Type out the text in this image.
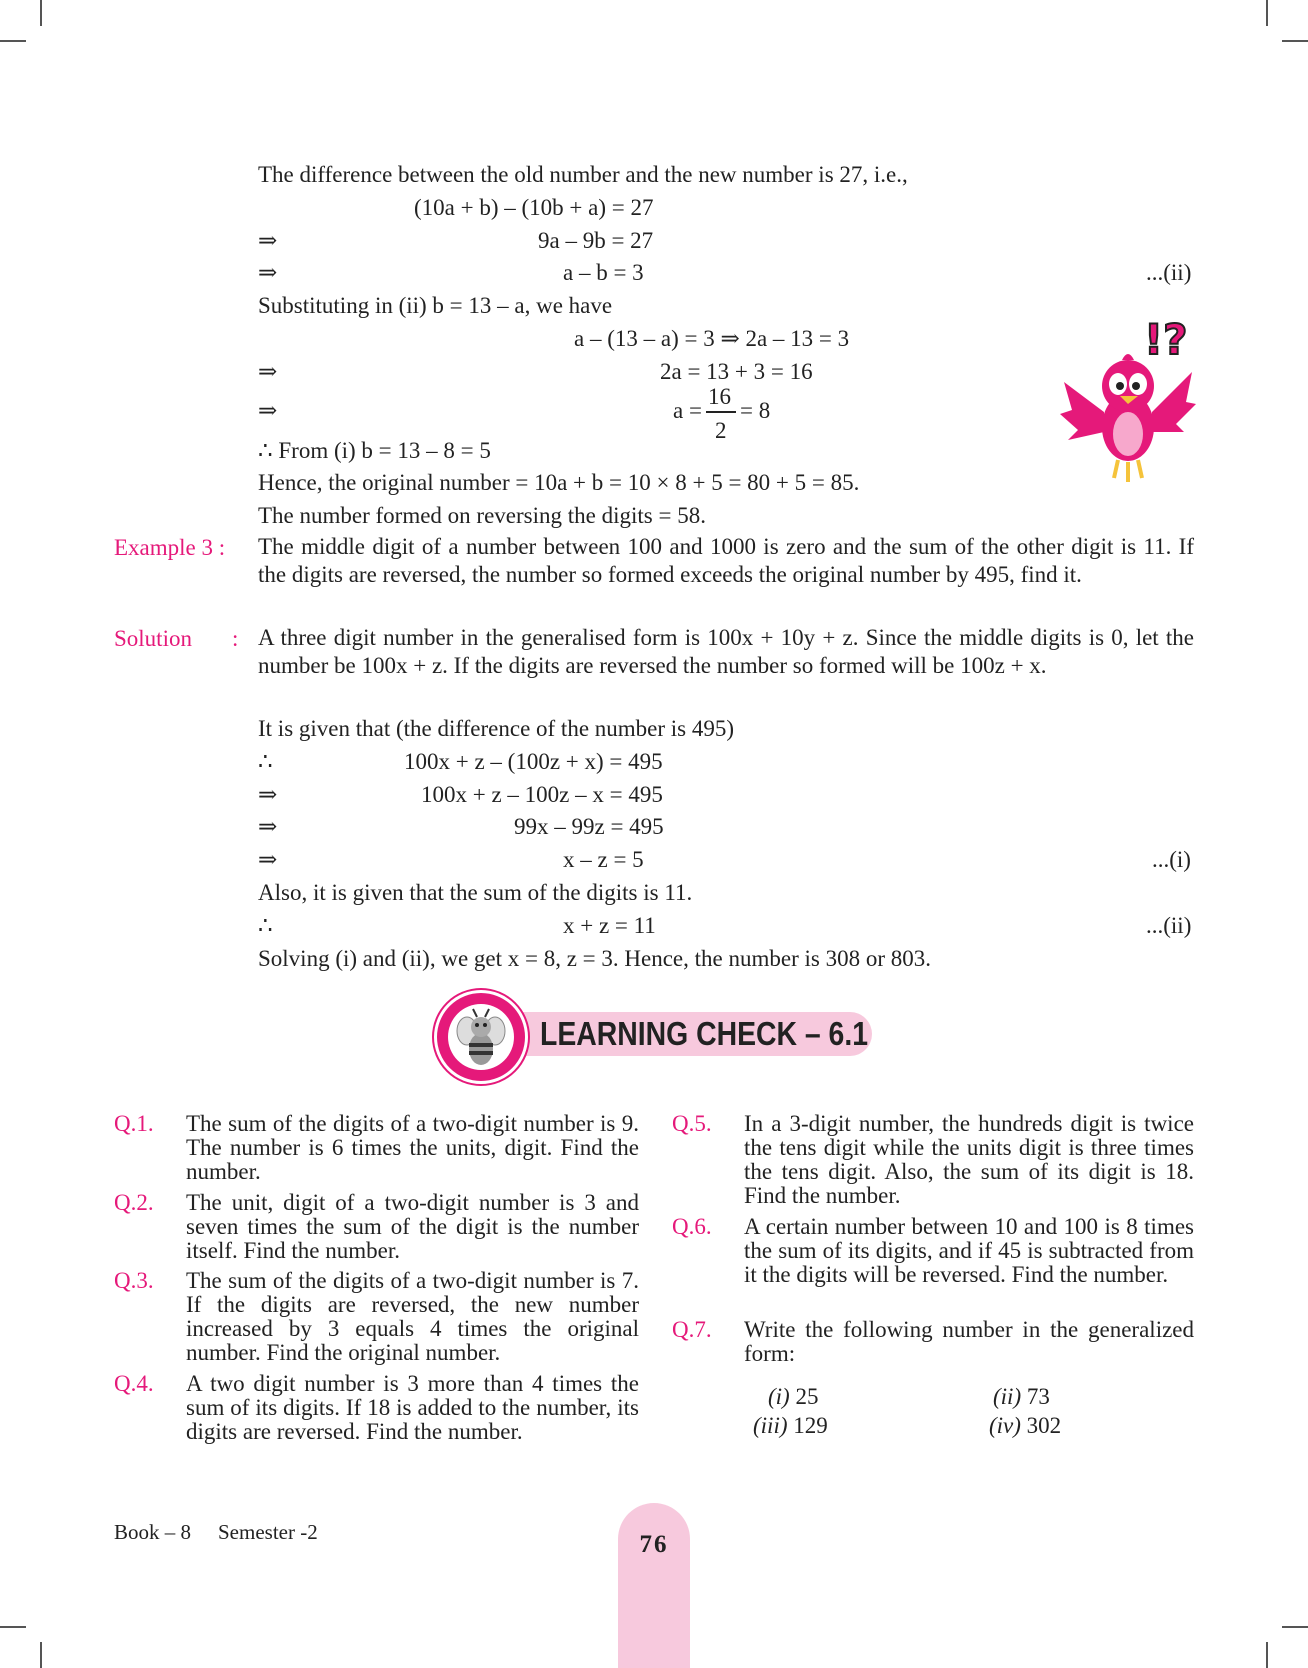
The difference between the old number and the new number is 27, i.e.,
(10a + b) – (10b + a) = 27
⇒	9a – 9b = 27
⇒	a – b = 3	...(ii)
Substituting in (ii) b = 13 – a, we have
a – (13 – a) = 3 ⇒ 2a – 13 = 3
⇒	2a = 13 + 3 = 16
⇒	a =
16
2
= 8
∴ From (i) b = 13 – 8 = 5
Hence, the original number = 10a + b = 10 × 8 + 5 = 80 + 5 = 85.
The number formed on reversing the digits = 58.
!?
Example 3 : The middle digit of a number between 100 and 1000 is zero and the sum of the other digit is 11. If the digits are reversed, the number so formed exceeds the original number by 495, find it.
Solution : A three digit number in the generalised form is 100x + 10y + z. Since the middle digits is 0, let the number be 100x + z. If the digits are reversed the number so formed will be 100z + x.
It is given that (the difference of the number is 495)
∴	100x + z – (100z + x) = 495
⇒	100x + z – 100z – x = 495
⇒	99x – 99z = 495
⇒	x – z = 5	...(i)
Also, it is given that the sum of the digits is 11.
∴	x + z = 11	...(ii)
Solving (i) and (ii), we get x = 8, z = 3. Hence, the number is 308 or 803.
LEARNING CHECK – 6.1
Q.1. The sum of the digits of a two-digit number is 9. The number is 6 times the units, digit. Find the number.
Q.2. The unit, digit of a two-digit number is 3 and seven times the sum of the digit is the number itself. Find the number.
Q.3. The sum of the digits of a two-digit number is 7. If the digits are reversed, the new number increased by 3 equals 4 times the original number. Find the original number.
Q.4. A two digit number is 3 more than 4 times the sum of its digits. If 18 is added to the number, its digits are reversed. Find the number.
Q.5. In a 3-digit number, the hundreds digit is twice the tens digit while the units digit is three times the tens digit. Also, the sum of its digit is 18. Find the number.
Q.6. A certain number between 10 and 100 is 8 times the sum of its digits, and if 45 is subtracted from it the digits will be reversed. Find the number.
Q.7. Write the following number in the generalized form:
(i) 25	(ii) 73
(iii) 129	(iv) 302
Book – 8 Semester -2	76
